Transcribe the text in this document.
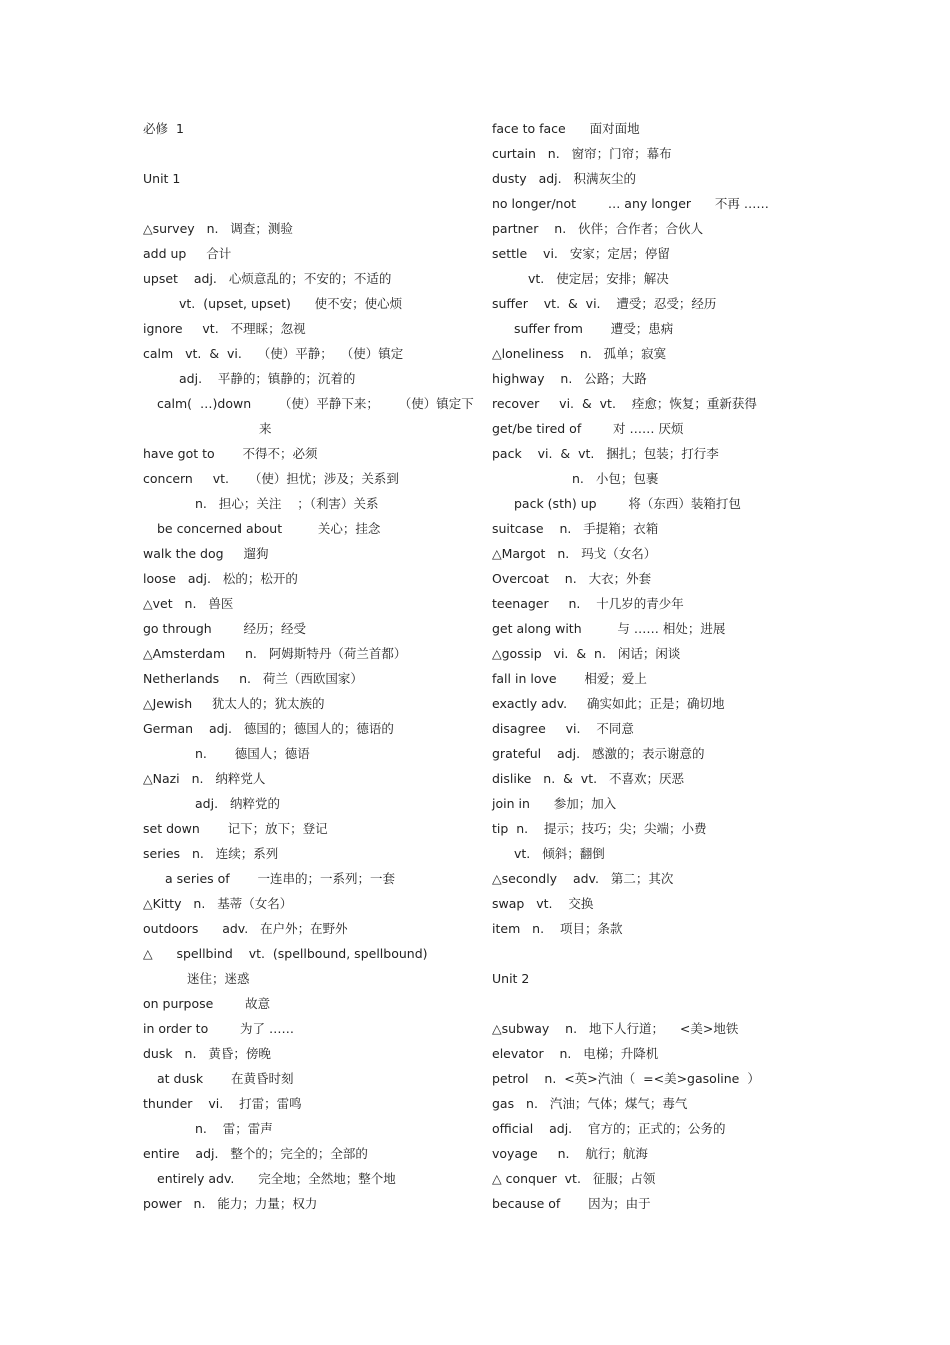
必修  1
Unit 1
△survey   n.   调查；测验
add up     合计
upset    adj.   心烦意乱的；不安的；不适的
vt.  (upset, upset)      使不安；使心烦
ignore     vt.   不理睬；忽视
calm   vt.  &  vi.    （使）平静；  （使）镇定
adj.    平静的；镇静的；沉着的
calm(  …)down       （使）平静下来；     （使）镇定下
来
have got to       不得不；必须
concern     vt.     （使）担忧；涉及；关系到
n.   担心；关注    ；（利害）关系
be concerned about         关心；挂念
walk the dog     遛狗
loose   adj.   松的；松开的
△vet   n.   兽医
go through        经历；经受
△Amsterdam     n.   阿姆斯特丹（荷兰首都）
Netherlands     n.   荷兰（西欧国家）
△Jewish     犹太人的；犹太族的
German    adj.   德国的；德国人的；德语的
n.       德国人；德语
△Nazi   n.   纳粹党人
adj.   纳粹党的
set down       记下；放下；登记
series   n.   连续；系列
a series of       一连串的；一系列；一套
△Kitty   n.   基蒂（女名）
outdoors      adv.   在户外；在野外
△      spellbind    vt.  (spellbound, spellbound)
迷住；迷惑
on purpose        故意
in order to        为了 ……
dusk   n.   黄昏；傍晚
at dusk       在黄昏时刻
thunder    vi.    打雷；雷鸣
n.    雷；雷声
entire    adj.   整个的；完全的；全部的
entirely adv.      完全地；全然地；整个地
power   n.   能力；力量；权力
face to face      面对面地
curtain   n.   窗帘；门帘；幕布
dusty   adj.   积满灰尘的
no longer/not        … any longer      不再 ……
partner    n.   伙伴；合作者；合伙人
settle    vi.   安家；定居；停留
vt.   使定居；安排；解决
suffer    vt.  &  vi.    遭受；忍受；经历
suffer from       遭受；患病
△loneliness    n.   孤单；寂寞
highway    n.   公路；大路
recover     vi.  &  vt.    痊愈；恢复；重新获得
get/be tired of        对 …… 厌烦
pack    vi.  &  vt.   捆扎；包装；打行李
n.   小包；包裹
pack (sth) up        将（东西）装箱打包
suitcase    n.   手提箱；衣箱
△Margot   n.   玛戈（女名）
Overcoat    n.   大衣；外套
teenager     n.    十几岁的青少年
get along with         与 …… 相处；进展
△gossip   vi.  &  n.   闲话；闲谈
fall in love       相爱；爱上
exactly adv.     确实如此；正是；确切地
disagree     vi.    不同意
grateful    adj.   感激的；表示谢意的
dislike   n.  &  vt.   不喜欢；厌恶
join in      参加；加入
tip  n.    提示；技巧；尖；尖端；小费
vt.   倾斜；翻倒
△secondly    adv.   第二；其次
swap   vt.    交换
item   n.    项目；条款
Unit 2
△subway    n.   地下人行道；    <美>地铁
elevator    n.   电梯；升降机
petrol    n.  <英>汽油（  =<美>gasoline  ）
gas   n.   汽油；气体；煤气；毒气
official    adj.    官方的；正式的；公务的
voyage     n.    航行；航海
△ conquer  vt.   征服；占领
because of       因为；由于
